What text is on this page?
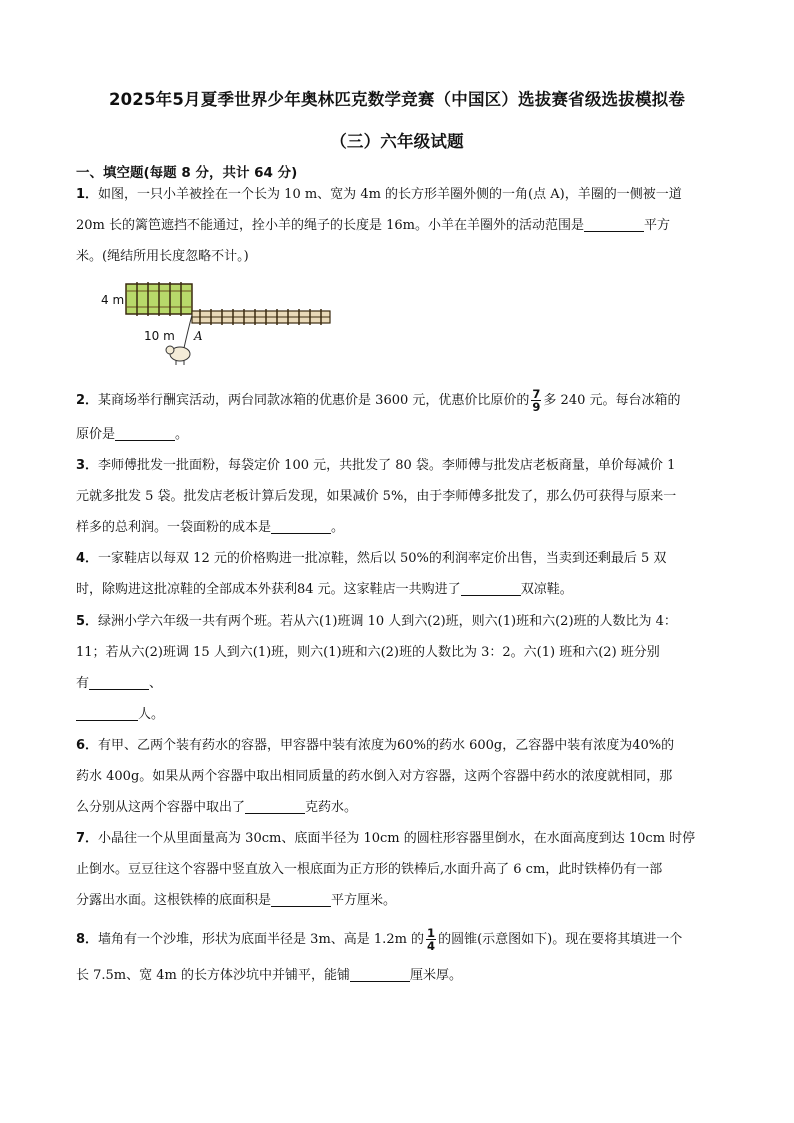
2025年5月夏季世界少年奥林匹克数学竞赛（中国区）选拔赛省级选拔模拟卷
（三）六年级试题
一、填空题(每题 8 分，共计 64 分)
1．如图，一只小羊被拴在一个长为 10 m、宽为 4m 的长方形羊圈外侧的一角(点 A)，羊圈的一侧被一道
20m 长的篱笆遮挡不能通过，拴小羊的绳子的长度是 16m。小羊在羊圈外的活动范围是	平方
米。(绳结所用长度忽略不计。)
4 m
10 m A
2．某商场举行酬宾活动，两台同款冰箱的优惠价是 3600 元，优惠价比原价的 $\frac{7}{9}$ 多 240 元。每台冰箱的
原价是	。
3．李师傅批发一批面粉，每袋定价 100 元，共批发了 80 袋。李师傅与批发店老板商量，单价每减价 1
元就多批发 5 袋。批发店老板计算后发现，如果减价 5%，由于李师傅多批发了，那么仍可获得与原来一
样多的总利润。一袋面粉的成本是	。
4．一家鞋店以每双 12 元的价格购进一批凉鞋，然后以 50%的利润率定价出售，当卖到还剩最后 5 双
时，除购进这批凉鞋的全部成本外获利84 元。这家鞋店一共购进了	双凉鞋。
5．绿洲小学六年级一共有两个班。若从六(1)班调 10 人到六(2)班，则六(1)班和六(2)班的人数比为 4：
11；若从六(2)班调 15 人到六(1)班，则六(1)班和六(2)班的人数比为 3：2。六(1) 班和六(2) 班分别
有	、
人。
6．有甲、乙两个装有药水的容器，甲容器中装有浓度为60%的药水 600g，乙容器中装有浓度为40%的
药水 400g。如果从两个容器中取出相同质量的药水倒入对方容器，这两个容器中药水的浓度就相同，那
么分别从这两个容器中取出了	克药水。
7．小晶往一个从里面量高为 30cm、底面半径为 10cm 的圆柱形容器里倒水，在水面高度到达 10cm 时停
止倒水。豆豆往这个容器中竖直放入一根底面为正方形的铁棒后,水面升高了 6 cm，此时铁棒仍有一部
分露出水面。这根铁棒的底面积是	平方厘米。
8．墙角有一个沙堆，形状为底面半径是 3m、高是 1.2m 的 $\frac{1}{4}$ 的圆锥(示意图如下)。现在要将其填进一个
长 7.5m、宽 4m 的长方体沙坑中并铺平，能铺	厘米厚。
